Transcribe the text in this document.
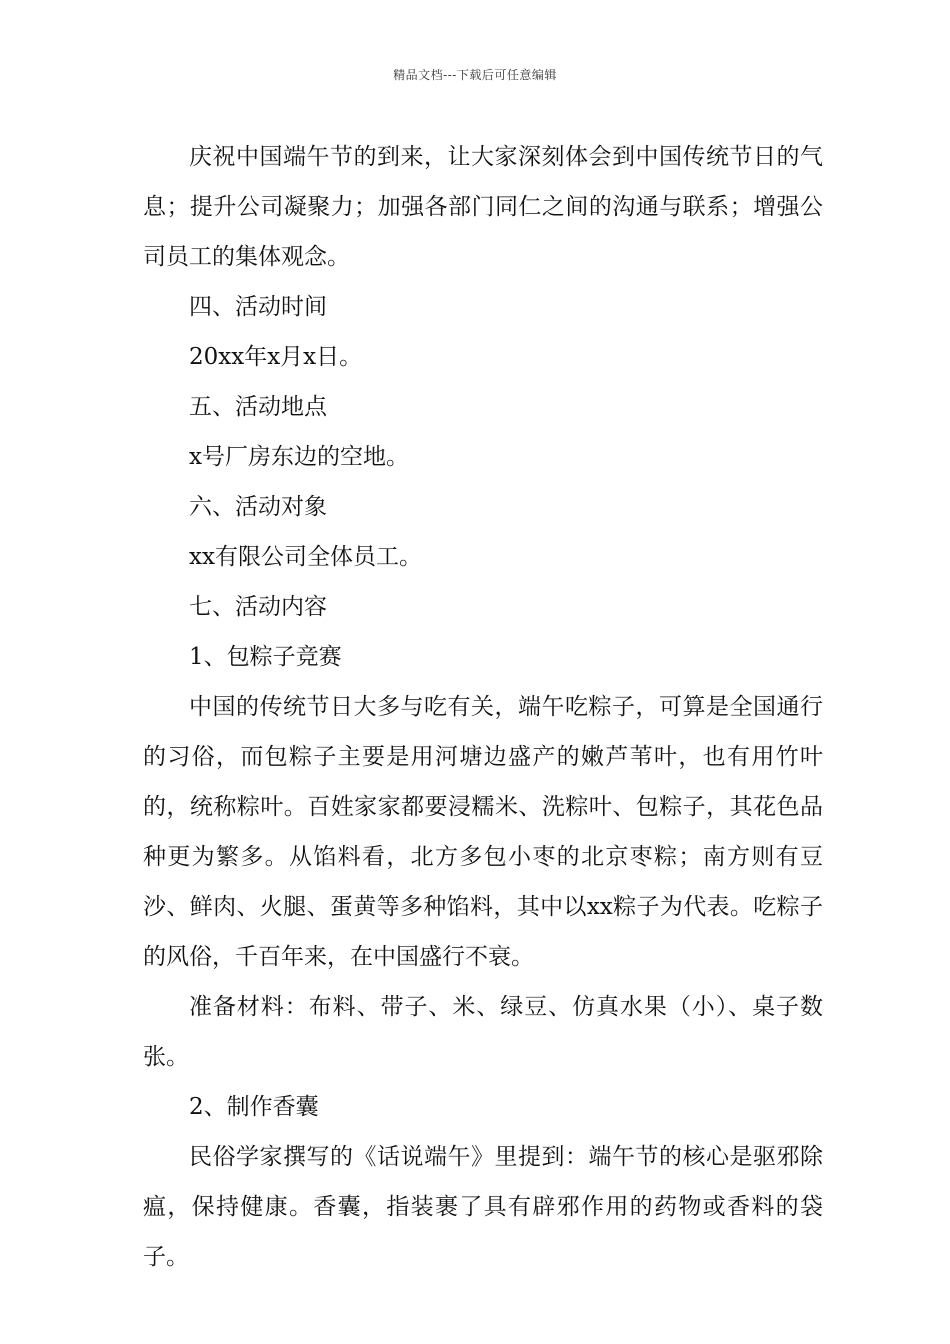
精品文档---下载后可任意编辑

庆祝中国端午节的到来，让大家深刻体会到中国传统节日的气息；提升公司凝聚力；加强各部门同仁之间的沟通与联系；增强公司员工的集体观念。

四、活动时间

20xx年x月x日。

五、活动地点

x号厂房东边的空地。

六、活动对象

xx有限公司全体员工。

七、活动内容

1、包粽子竞赛

中国的传统节日大多与吃有关，端午吃粽子，可算是全国通行的习俗，而包粽子主要是用河塘边盛产的嫩芦苇叶，也有用竹叶的，统称粽叶。百姓家家都要浸糯米、洗粽叶、包粽子，其花色品种更为繁多。从馅料看，北方多包小枣的北京枣粽；南方则有豆沙、鲜肉、火腿、蛋黄等多种馅料，其中以xx粽子为代表。吃粽子的风俗，千百年来，在中国盛行不衰。

准备材料：布料、带子、米、绿豆、仿真水果（小）、桌子数张。

2、制作香囊

民俗学家撰写的《话说端午》里提到：端午节的核心是驱邪除瘟，保持健康。香囊，指装裹了具有辟邪作用的药物或香料的袋子。
